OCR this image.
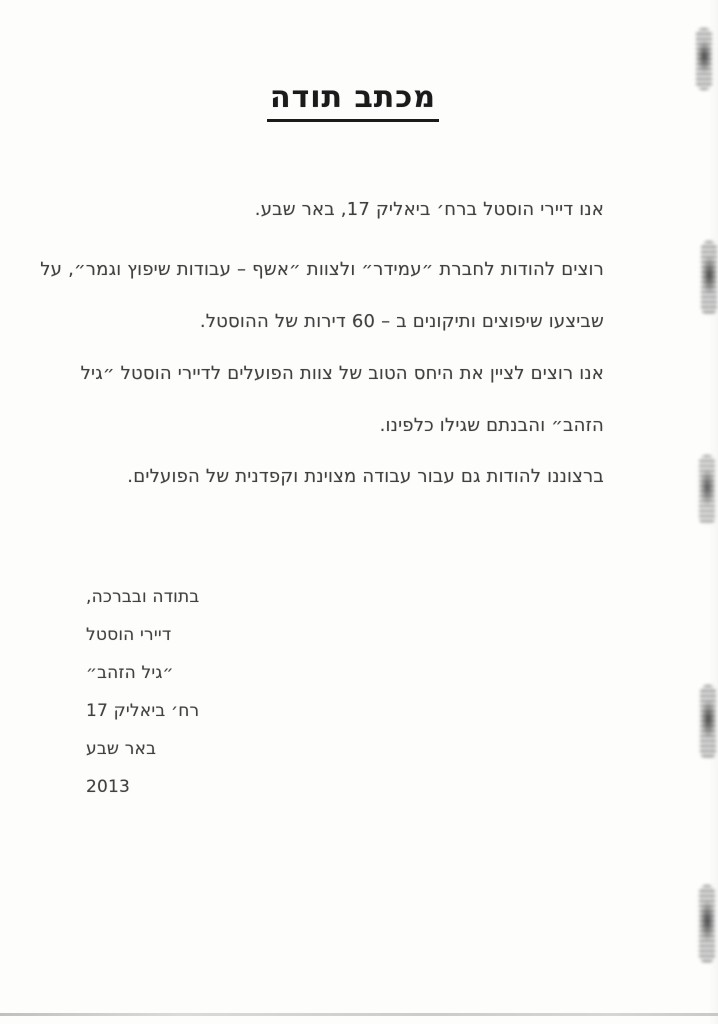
מכתב תודה
אנו דיירי הוסטל ברח׳ ביאליק 17, באר שבע.
רוצים להודות לחברת ״עמידר״ ולצוות ״אשף – עבודות שיפוץ וגמר״, על
שביצעו שיפוצים ותיקונים ב – 60 דירות של ההוסטל.
אנו רוצים לציין את היחס הטוב של צוות הפועלים לדיירי הוסטל ״גיל
הזהב״ והבנתם שגילו כלפינו.
ברצוננו להודות גם עבור עבודה מצוינת וקפדנית של הפועלים.
בתודה ובברכה,
דיירי הוסטל
״גיל הזהב״
רח׳ ביאליק 17
באר שבע
2013
